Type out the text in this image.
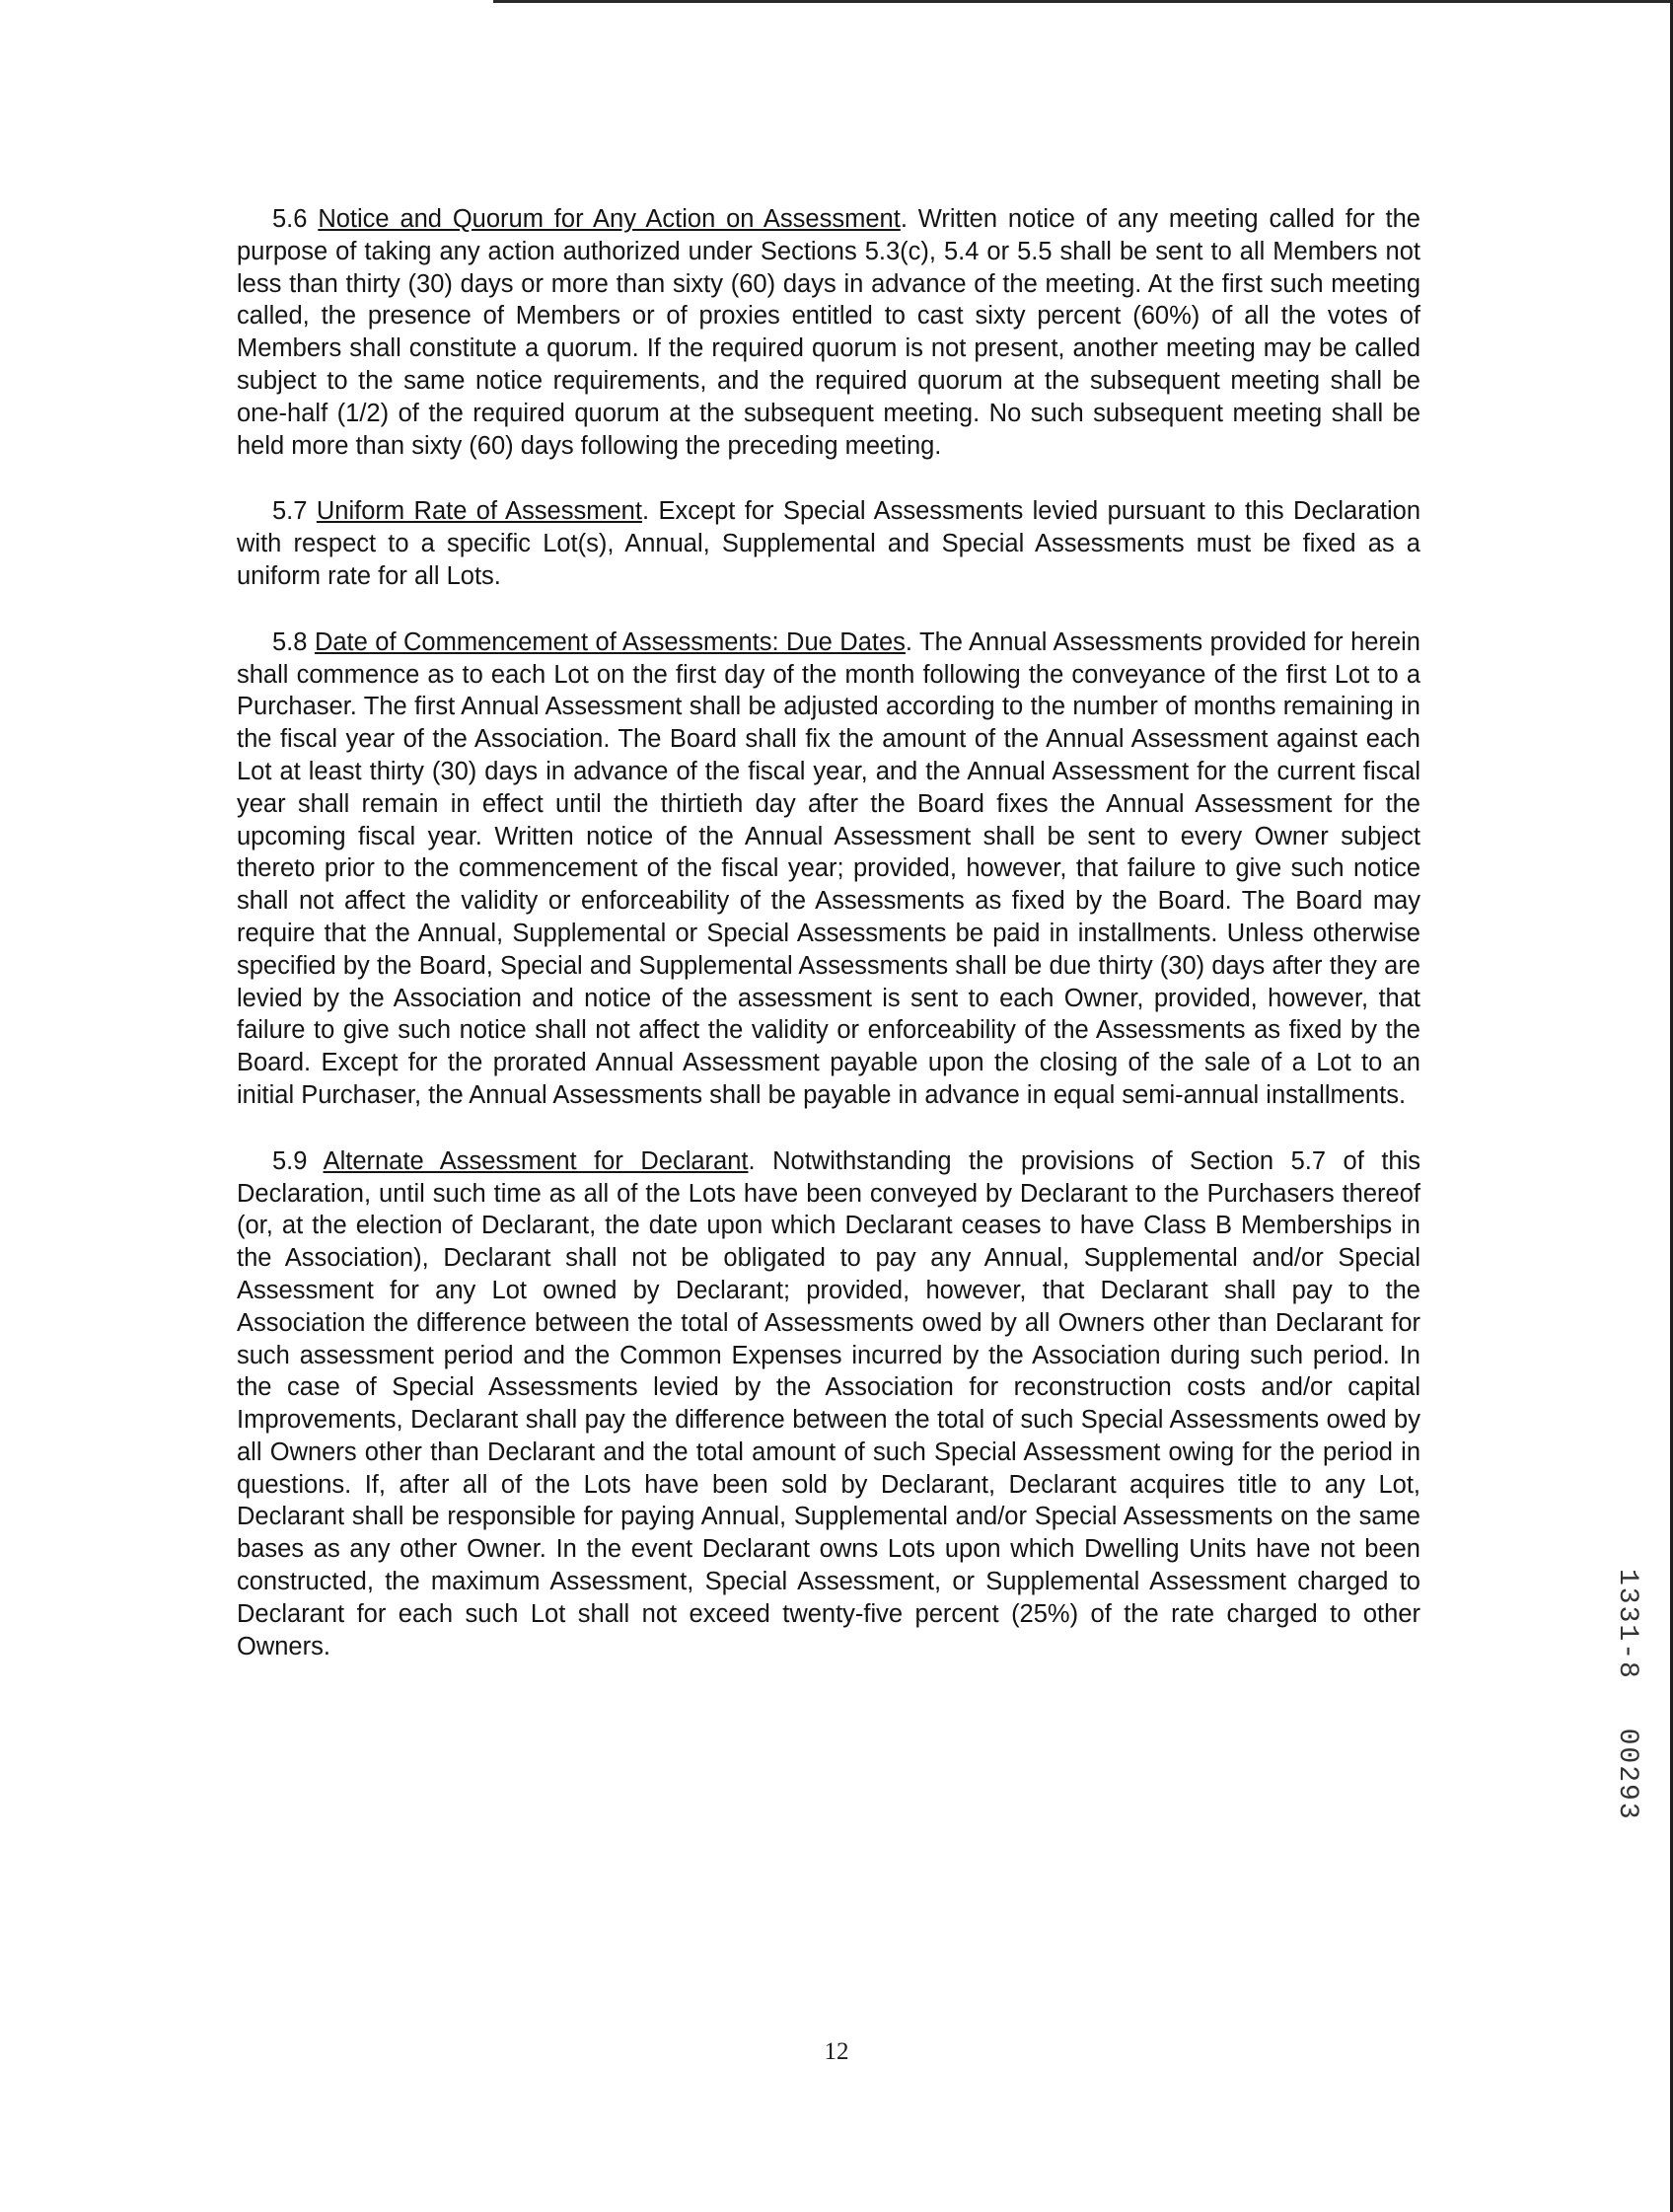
5.6 Notice and Quorum for Any Action on Assessment. Written notice of any meeting called for the purpose of taking any action authorized under Sections 5.3(c), 5.4 or 5.5 shall be sent to all Members not less than thirty (30) days or more than sixty (60) days in advance of the meeting. At the first such meeting called, the presence of Members or of proxies entitled to cast sixty percent (60%) of all the votes of Members shall constitute a quorum. If the required quorum is not present, another meeting may be called subject to the same notice requirements, and the required quorum at the subsequent meeting shall be one-half (1/2) of the required quorum at the subsequent meeting. No such subsequent meeting shall be held more than sixty (60) days following the preceding meeting.

5.7 Uniform Rate of Assessment. Except for Special Assessments levied pursuant to this Declaration with respect to a specific Lot(s), Annual, Supplemental and Special Assessments must be fixed as a uniform rate for all Lots.

5.8 Date of Commencement of Assessments: Due Dates. The Annual Assessments provided for herein shall commence as to each Lot on the first day of the month following the conveyance of the first Lot to a Purchaser. The first Annual Assessment shall be adjusted according to the number of months remaining in the fiscal year of the Association. The Board shall fix the amount of the Annual Assessment against each Lot at least thirty (30) days in advance of the fiscal year, and the Annual Assessment for the current fiscal year shall remain in effect until the thirtieth day after the Board fixes the Annual Assessment for the upcoming fiscal year. Written notice of the Annual Assessment shall be sent to every Owner subject thereto prior to the commencement of the fiscal year; provided, however, that failure to give such notice shall not affect the validity or enforceability of the Assessments as fixed by the Board. The Board may require that the Annual, Supplemental or Special Assessments be paid in installments. Unless otherwise specified by the Board, Special and Supplemental Assessments shall be due thirty (30) days after they are levied by the Association and notice of the assessment is sent to each Owner, provided, however, that failure to give such notice shall not affect the validity or enforceability of the Assessments as fixed by the Board. Except for the prorated Annual Assessment payable upon the closing of the sale of a Lot to an initial Purchaser, the Annual Assessments shall be payable in advance in equal semi-annual installments.

5.9 Alternate Assessment for Declarant. Notwithstanding the provisions of Section 5.7 of this Declaration, until such time as all of the Lots have been conveyed by Declarant to the Purchasers thereof (or, at the election of Declarant, the date upon which Declarant ceases to have Class B Memberships in the Association), Declarant shall not be obligated to pay any Annual, Supplemental and/or Special Assessment for any Lot owned by Declarant; provided, however, that Declarant shall pay to the Association the difference between the total of Assessments owed by all Owners other than Declarant for such assessment period and the Common Expenses incurred by the Association during such period. In the case of Special Assessments levied by the Association for reconstruction costs and/or capital Improvements, Declarant shall pay the difference between the total of such Special Assessments owed by all Owners other than Declarant and the total amount of such Special Assessment owing for the period in questions. If, after all of the Lots have been sold by Declarant, Declarant acquires title to any Lot, Declarant shall be responsible for paying Annual, Supplemental and/or Special Assessments on the same bases as any other Owner. In the event Declarant owns Lots upon which Dwelling Units have not been constructed, the maximum Assessment, Special Assessment, or Supplemental Assessment charged to Declarant for each such Lot shall not exceed twenty-five percent (25%) of the rate charged to other Owners.	1331-8 00293
12
